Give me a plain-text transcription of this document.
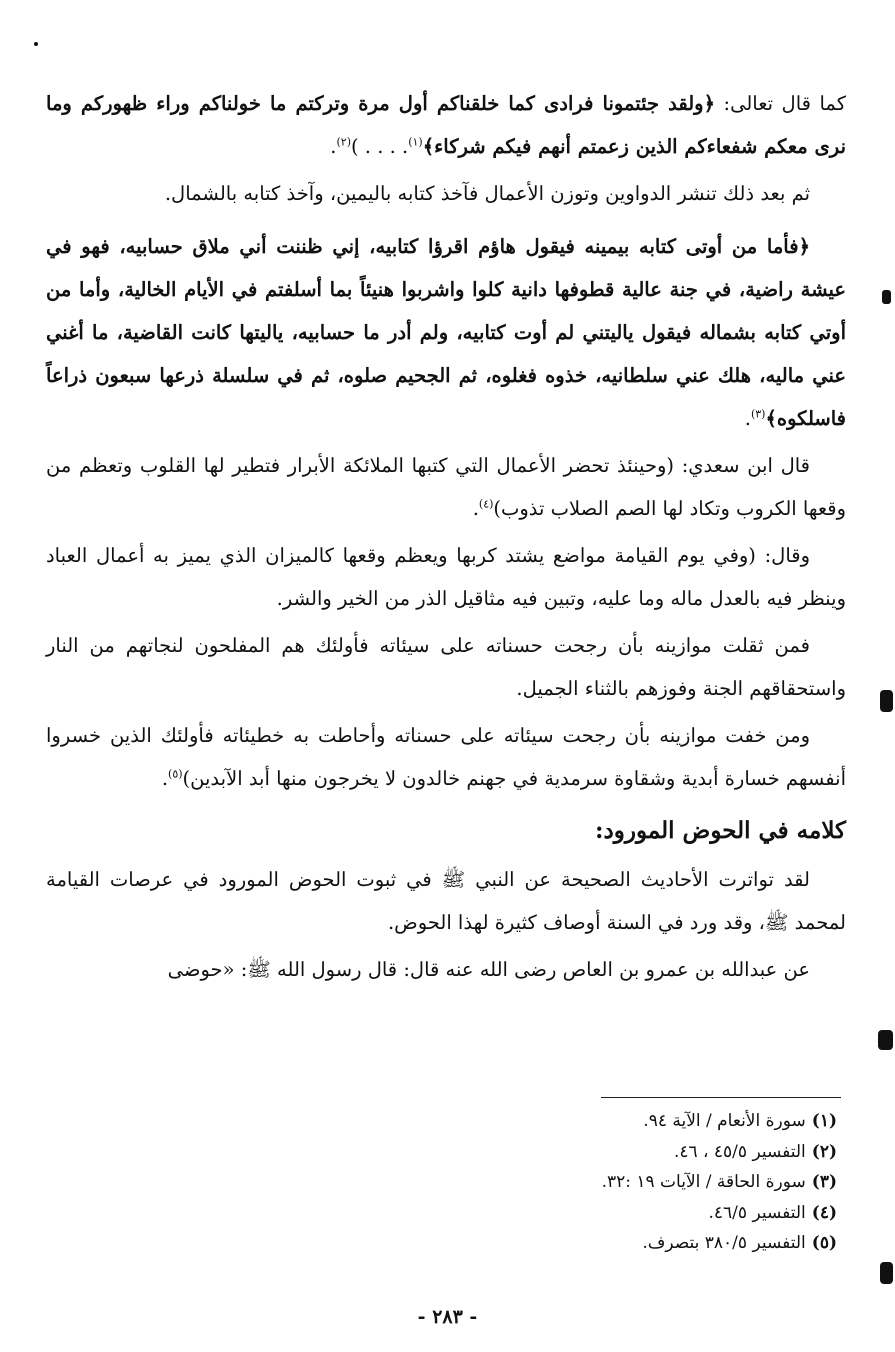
كما قال تعالى: ﴿ولقد جئتمونا فرادى كما خلقناكم أول مرة وتركتم ما خولناكم وراء ظهوركم وما نرى معكم شفعاءكم الذين زعمتم أنهم فيكم شركاء﴾$^{(١)}$. . . . )$^{(٢)}$.

ثم بعد ذلك تنشر الدواوين وتوزن الأعمال فآخذ كتابه باليمين، وآخذ كتابه بالشمال.

﴿فأما من أوتى كتابه بيمينه فيقول هاؤم اقرؤا كتابيه، إني ظننت أني ملاق حسابيه، فهو في عيشة راضية، في جنة عالية قطوفها دانية كلوا واشربوا هنيئاً بما أسلفتم في الأيام الخالية، وأما من أوتي كتابه بشماله فيقول ياليتني لم أوت كتابيه، ولم أدر ما حسابيه، ياليتها كانت القاضية، ما أغني عني ماليه، هلك عني سلطانيه، خذوه فغلوه، ثم الجحيم صلوه، ثم في سلسلة ذرعها سبعون ذراعاً فاسلكوه﴾$^{(٣)}$.

قال ابن سعدي: (وحينئذ تحضر الأعمال التي كتبها الملائكة الأبرار فتطير لها القلوب وتعظم من وقعها الكروب وتكاد لها الصم الصلاب تذوب)$^{(٤)}$.

وقال: (وفي يوم القيامة مواضع يشتد كربها ويعظم وقعها كالميزان الذي يميز به أعمال العباد وينظر فيه بالعدل ماله وما عليه، وتبين فيه مثاقيل الذر من الخير والشر.

فمن ثقلت موازينه بأن رجحت حسناته على سيئاته فأولئك هم المفلحون لنجاتهم من النار واستحقاقهم الجنة وفوزهم بالثناء الجميل.

ومن خفت موازينه بأن رجحت سيئاته على حسناته وأحاطت به خطيئاته فأولئك الذين خسروا أنفسهم خسارة أبدية وشقاوة سرمدية في جهنم خالدون لا يخرجون منها أبد الآبدين)$^{(٥)}$.

كلامه في الحوض المورود:

لقد تواترت الأحاديث الصحيحة عن النبي ﷺ في ثبوت الحوض المورود في عرصات القيامة لمحمد ﷺ، وقد ورد في السنة أوصاف كثيرة لهذا الحوض.

عن عبدالله بن عمرو بن العاص رضى الله عنه قال: قال رسول الله ﷺ: «حوضى

(١)سورة الأنعام / الآية ٩٤.
(٢)التفسير ٤٥/٥ ، ٤٦.
(٣)سورة الحاقة / الآيات ١٩ :٣٢.
(٤)التفسير ٤٦/٥.
(٥)التفسير ٣٨٠/٥ بتصرف.
- ٢٨٣ -
